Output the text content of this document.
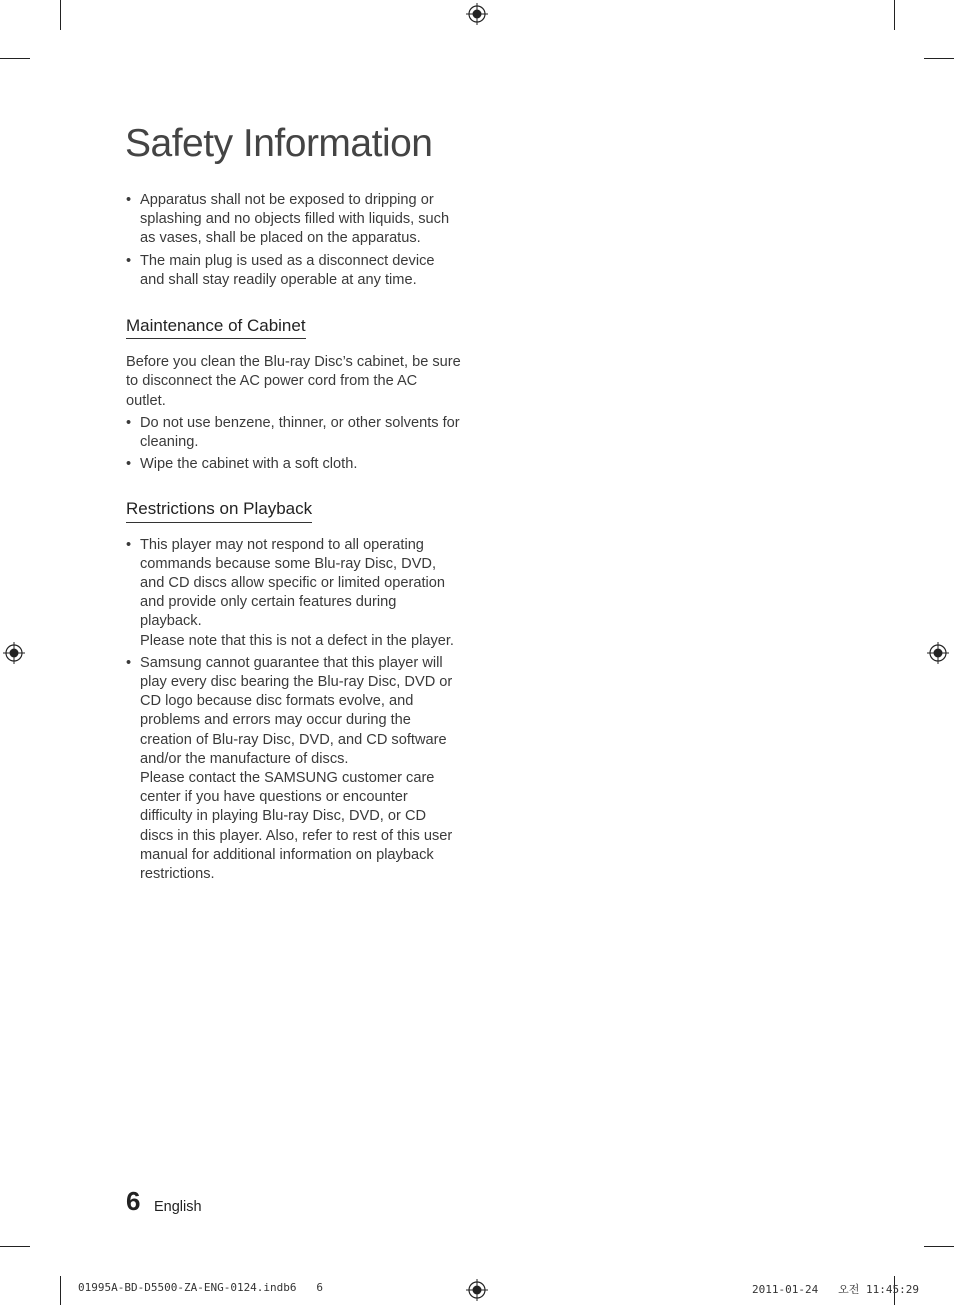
Safety Information
• Apparatus shall not be exposed to dripping or splashing and no objects filled with liquids, such as vases, shall be placed on the apparatus.
• The main plug is used as a disconnect device and shall stay readily operable at any time.
Maintenance of Cabinet

Before you clean the Blu-ray Disc’s cabinet, be sure to disconnect the AC power cord from the AC outlet.

• Do not use benzene, thinner, or other solvents for cleaning.
• Wipe the cabinet with a soft cloth.
Restrictions on Playback
• This player may not respond to all operating commands because some Blu-ray Disc, DVD, and CD discs allow specific or limited operation and provide only certain features during playback.
Please note that this is not a defect in the player.
• Samsung cannot guarantee that this player will play every disc bearing the Blu-ray Disc, DVD or CD logo because disc formats evolve, and problems and errors may occur during the creation of Blu-ray Disc, DVD, and CD software and/or the manufacture of discs.
Please contact the SAMSUNG customer care center if you have questions or encounter difficulty in playing Blu-ray Disc, DVD, or CD discs in this player. Also, refer to rest of this user manual for additional information on playback restrictions.
6 English
01995A-BD-D5500-ZA-ENG-0124.indb6   6	2011-01-24   오전 11:45:29
